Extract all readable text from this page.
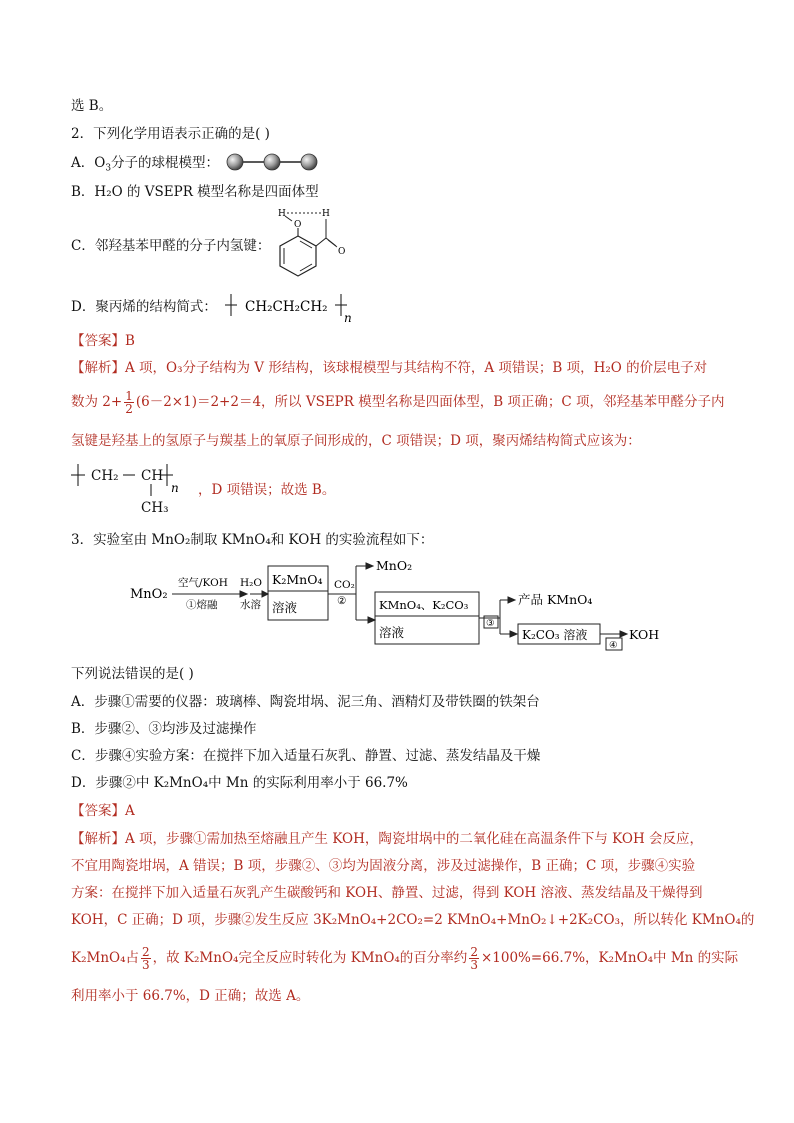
选 B。
2．下列化学用语表示正确的是( )
A．$O_3$分子的球棍模型：
B．H₂O 的 VSEPR 模型名称是四面体型
C．邻羟基苯甲醛的分子内氢键：
O
H	H
O
D．聚丙烯的结构简式： CH₂CH₂CH₂
n
【答案】B
【解析】A 项，O₃分子结构为 V 形结构，该球棍模型与其结构不符，A 项错误；B 项，H₂O 的价层电子对
数为 $2+ \frac{1}{2} (6-2\times 1)=2+2=4$，所以 VSEPR 模型名称是四面体型，B 项正确；C 项，邻羟基苯甲醛分子内
氢键是羟基上的氢原子与羰基上的氧原子间形成的，C 项错误；D 项，聚丙烯结构简式应该为：
CH₂ CH
n
CH₃
，D 项错误；故选 B。
3．实验室由 MnO₂制取 KMnO₄和 KOH 的实验流程如下：
MnO₂
空气/KOH
①熔融
H₂O
水溶
K₂MnO₄
溶液
CO₂
②
MnO₂
KMnO₄、K₂CO₃
溶液
③
产品 KMnO₄
K₂CO₃ 溶液	KOH
④
下列说法错误的是( )
A．步骤①需要的仪器：玻璃棒、陶瓷坩埚、泥三角、酒精灯及带铁圈的铁架台
B．步骤②、③均涉及过滤操作
C．步骤④实验方案：在搅拌下加入适量石灰乳、静置、过滤、蒸发结晶及干燥
D．步骤②中 K₂MnO₄中 Mn 的实际利用率小于 66.7%
【答案】A
【解析】A 项，步骤①需加热至熔融且产生 KOH，陶瓷坩埚中的二氧化硅在高温条件下与 KOH 会反应，
不宜用陶瓷坩埚，A 错误；B 项，步骤②、③均为固液分离，涉及过滤操作，B 正确；C 项，步骤④实验
方案：在搅拌下加入适量石灰乳产生碳酸钙和 KOH、静置、过滤，得到 KOH 溶液、蒸发结晶及干燥得到
KOH，C 正确；D 项，步骤②发生反应 3K₂MnO₄+2CO₂=2 KMnO₄+MnO₂↓+2K₂CO₃，所以转化 KMnO₄的
K₂MnO₄占 $\frac{2}{3}$ ，故 K₂MnO₄完全反应时转化为 KMnO₄的百分率约 $\frac{2}{3} \times 100\%=66.7\%$，K₂MnO₄中 Mn 的实际
利用率小于 66.7%，D 正确；故选 A。
